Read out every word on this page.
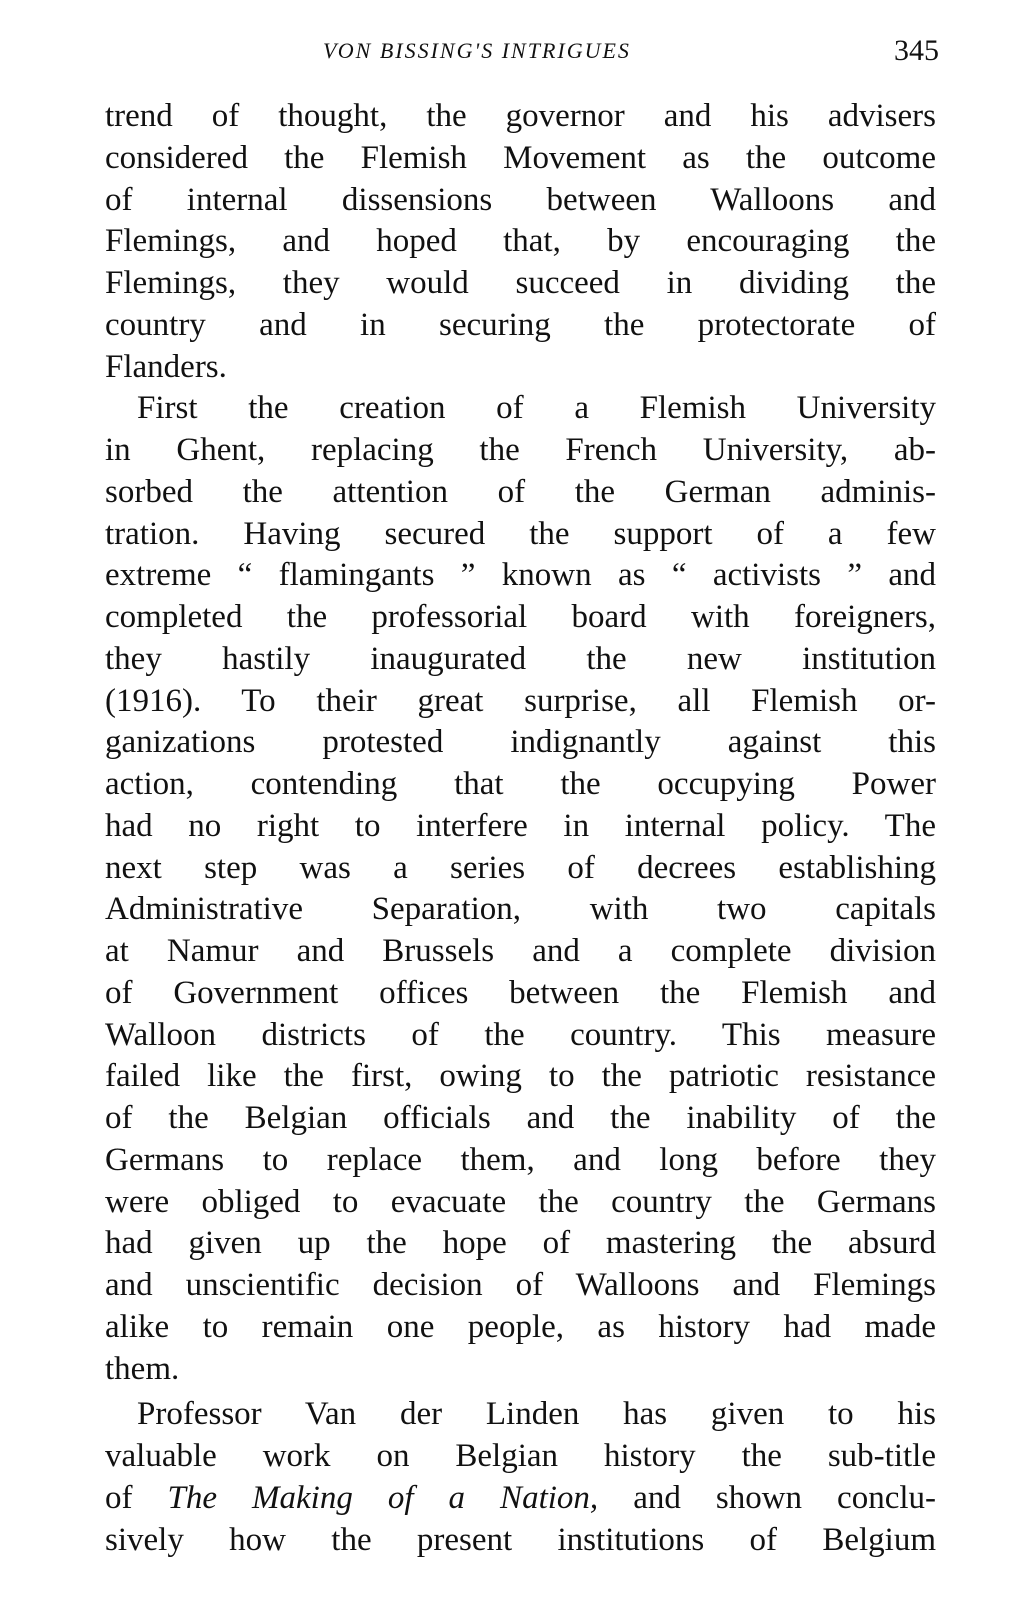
VON BISSING'S INTRIGUES	345
trend of thought, the governor and his advisers
considered the Flemish Movement as the outcome
of internal dissensions between Walloons and
Flemings, and hoped that, by encouraging the
Flemings, they would succeed in dividing the
country and in securing the protectorate of
Flanders.
First the creation of a Flemish University
in Ghent, replacing the French University, ab-
sorbed the attention of the German adminis-
tration. Having secured the support of a few
extreme “ flamingants ” known as “ activists ” and
completed the professorial board with foreigners,
they hastily inaugurated the new institution
(1916). To their great surprise, all Flemish or-
ganizations protested indignantly against this
action, contending that the occupying Power
had no right to interfere in internal policy. The
next step was a series of decrees establishing
Administrative Separation, with two capitals
at Namur and Brussels and a complete division
of Government offices between the Flemish and
Walloon districts of the country. This measure
failed like the first, owing to the patriotic resistance
of the Belgian officials and the inability of the
Germans to replace them, and long before they
were obliged to evacuate the country the Germans
had given up the hope of mastering the absurd
and unscientific decision of Walloons and Flemings
alike to remain one people, as history had made
them.
Professor Van der Linden has given to his
valuable work on Belgian history the sub-title
of The Making of a Nation, and shown conclu-
sively how the present institutions of Belgium
